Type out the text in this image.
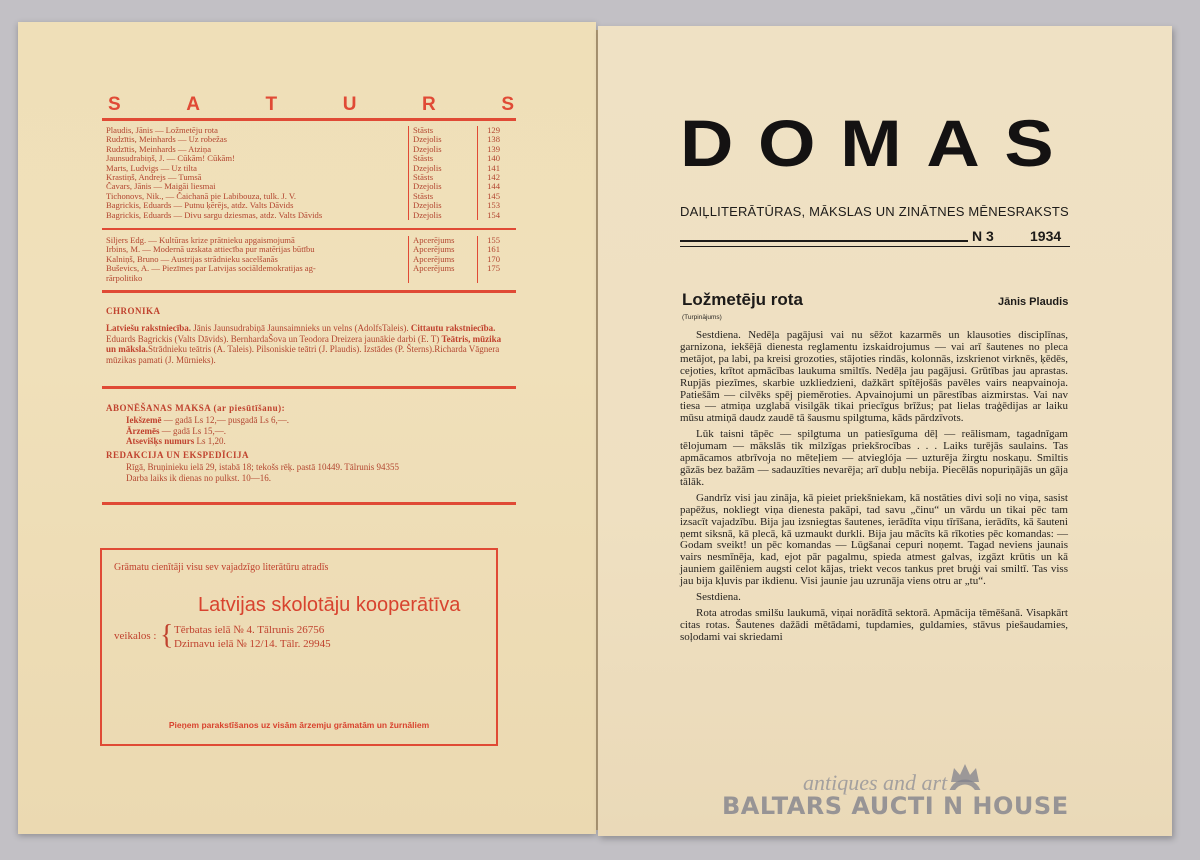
S	A	T	U	R	S
Plaudis, Jānis — Ložmetēju rota	Stāsts	129
Rudzītis, Meinhards — Uz robežas	Dzejolis	138
Rudzītis, Meinhards — Atziņa	Dzejolis	139
Jaunsudrabiņš, J. — Cūkām! Cūkām!	Stāsts	140
Marts, Ludvigs — Uz tilta	Dzejolis	141
Krastiņš, Andrejs — Tumsā	Stāsts	142
Čavars, Jānis — Maigāi liesmai	Dzejolis	144
Tichonovs, Nik., — Čaichanā pie Labibouza, tulk. J. V.	Stāsts	145
Bagrickis, Eduards — Putnu ķērējs, atdz. Valts Dāvids	Dzejolis	153
Bagrickis, Eduards — Divu sargu dziesmas, atdz. Valts Dāvids	Dzejolis	154
Siljers Edg. — Kultūras krize prātnieku apgaismojumā	Apcerējums	155
Irbins, M. — Modernā uzskata attiecība pur matērijas būtību	Apcerējums	161
Kalniņš, Bruno — Austrijas strādnieku sacelšanās	Apcerējums	170
Buševics, A. — Piezīmes par Latvijas sociāldemokratijas ag-	Apcerējums	175
rārpolitiko
CHRONIKA
Latviešu rakstniecība. Jānis Jaunsudrabiņā Jaunsaimnieks un velns (AdolfsTaleis). Cittautu rakstniecība. Eduards Bagrickis (Valts Dāvids). BernhardaŠova un Teodora Dreizera jaunākie darbi (E. T) Teātris, mūzika un māksla.Strādnieku teātris (A. Taleis). Pilsoniskie teātri (J. Plaudis). Izstādes (P. Šterns).Richarda Vāgnera mūzikas pamati (J. Mūrnieks).
ABONĒŠANAS MAKSA (ar piesūtīšanu):
Iekšzemē — gadā Ls 12,— pusgadā Ls 6,—.
Ārzemēs — gadā Ls 15,—.
Atsevišķs numurs Ls 1,20.
REDAKCIJA UN EKSPEDĪCIJA
Rīgā, Bruņinieku ielā 29, istabā 18; tekošs rēķ. pastā 10449. Tālrunis 94355
Darba laiks ik dienas no pulkst. 10—16.
Grāmatu cienītāji visu sev vajadzīgo literātūru atradīs
Latvijas skolotāju kooperātīva
veikalos : { Tērbatas ielā № 4. Tālrunis 26756
Dzirnavu ielā № 12/14. Tālr. 29945
Pieņem parakstīšanos uz visām ārzemju grāmatām un žurnāliem
DOMAS
DAIĻLITERĀTŪRAS, MĀKSLAS UN ZINĀTNES MĒNESRAKSTS
N 3	1934
Ložmetēju rota	Jānis Plaudis
(Turpinājums)

Sestdiena. Nedēļa pagājusi vai nu sēžot kazarmēs un klausoties disciplīnas, garnizona, iekšējā dienesta reglamentu izskaidrojumus — vai arī šautenes no pleca metājot, pa labi, pa kreisi grozoties, stājoties rindās, kolonnās, izskrienot virknēs, ķēdēs, cejoties, krītot apmācības laukuma smiltīs. Nedēļa jau pagājusi. Grūtības jau aprastas. Rupjās piezīmes, skarbie uzkliedzieni, dažkārt spītējošās pavēles vairs neapvainoja. Patiešām — cilvēks spēj pieměroties. Apvainojumi un pārestības aizmirstas. Vai nav tiesa — atmiņa uzglabā visilgāk tikai priecīgus brīžus; pat lielas traģēdijas ar laiku mūsu atmiņā daudz zaudē tā šausmu spilgtuma, kāds pārdzīvots.

Lūk taisni tāpēc — spilgtuma un patiesīguma dēļ — reālismam, tagadnīgam tēlojumam — mākslās tik milzīgas priekšrocības . . . Laiks turējās saulains. Tas apmācamos atbrīvoja no mēteļiem — atvieglója — uzturēja žirgtu noskaņu. Smiltis gāzās bez bažām — sadauzīties nevarēja; arī dubļu nebija. Piecēlās nopuriņājās un gāja tālāk.

Gandrīz visi jau zināja, kā pieiet priekšniekam, kā nostāties divi soļi no viņa, sasist papēžus, nokliegt viņa dienesta pakāpi, tad savu „činu“ un vārdu un tikai pēc tam izsacīt vajadzību. Bija jau izsniegtas šautenes, ierādīta viņu tīrīšana, ierādīts, kā šauteni ņemt siksnā, kā plecā, kā uzmaukt durkli. Bija jau mācīts kā rīkoties pēc komandas: — Godam sveikt! un pēc komandas — Lūgšanai cepuri noņemt. Tagad neviens jaunais vairs nesmīnēja, kad, ejot pār pagalmu, spieda atmest galvas, izgāzt krūtis un kā jauniem gailēniem augsti celot kājas, triekt vecos tankus pret bruģi vai smiltī. Tas viss jau bija kļuvis par ikdienu. Visi jaunie jau uzrunāja viens otru ar „tu“.

Sestdiena.

Rota atrodas smilšu laukumā, viņai norādītā sektorā. Apmācija tēmēšanā. Visapkārt citas rotas. Šautenes dažādi mētādami, tupdamies, guldamies, stāvus piešaudamies, soļodami vai skriedami

antiques and art
BALTARS AUCTI N HOUSE
